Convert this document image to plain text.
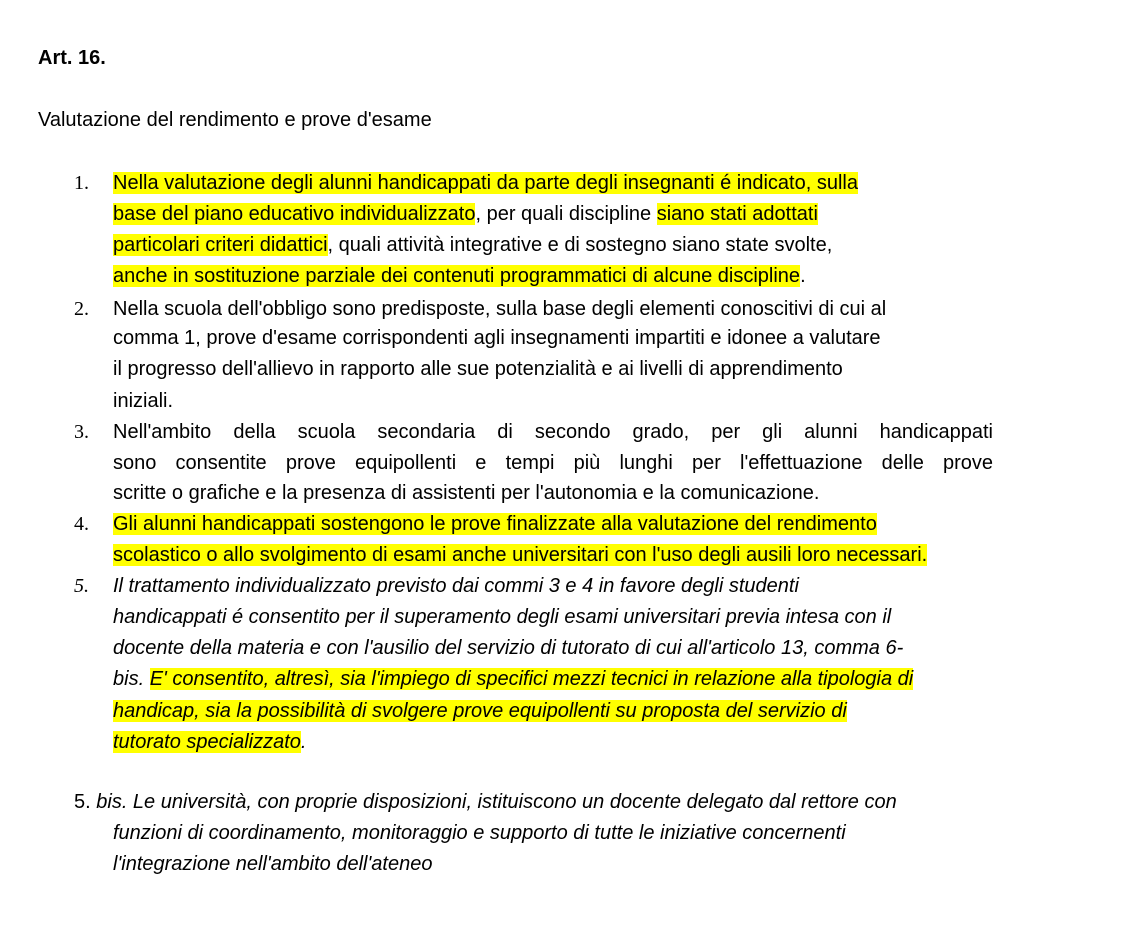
Art. 16.
Valutazione del rendimento e prove d'esame
1. Nella valutazione degli alunni handicappati da parte degli insegnanti é indicato, sulla
base del piano educativo individualizzato, per quali discipline siano stati adottati
particolari criteri didattici, quali attività integrative e di sostegno siano state svolte,
anche in sostituzione parziale dei contenuti programmatici di alcune discipline.
2. Nella scuola dell'obbligo sono predisposte, sulla base degli elementi conoscitivi di cui al
comma 1, prove d'esame corrispondenti agli insegnamenti impartiti e idonee a valutare
il progresso dell'allievo in rapporto alle sue potenzialità e ai livelli di apprendimento
iniziali.
3. Nell'ambito della scuola secondaria di secondo grado, per gli alunni handicappati
sono consentite prove equipollenti e tempi più lunghi per l'effettuazione delle prove
scritte o grafiche e la presenza di assistenti per l'autonomia e la comunicazione.
4. Gli alunni handicappati sostengono le prove finalizzate alla valutazione del rendimento
scolastico o allo svolgimento di esami anche universitari con l'uso degli ausili loro necessari.
5. Il trattamento individualizzato previsto dai commi 3 e 4 in favore degli studenti
handicappati é consentito per il superamento degli esami universitari previa intesa con il
docente della materia e con l'ausilio del servizio di tutorato di cui all'articolo 13, comma 6-
bis. E' consentito, altresì, sia l'impiego di specifici mezzi tecnici in relazione alla tipologia di
handicap, sia la possibilità di svolgere prove equipollenti su proposta del servizio di
tutorato specializzato.
5. bis. Le università, con proprie disposizioni, istituiscono un docente delegato dal rettore con
funzioni di coordinamento, monitoraggio e supporto di tutte le iniziative concernenti
l'integrazione nell'ambito dell'ateneo
